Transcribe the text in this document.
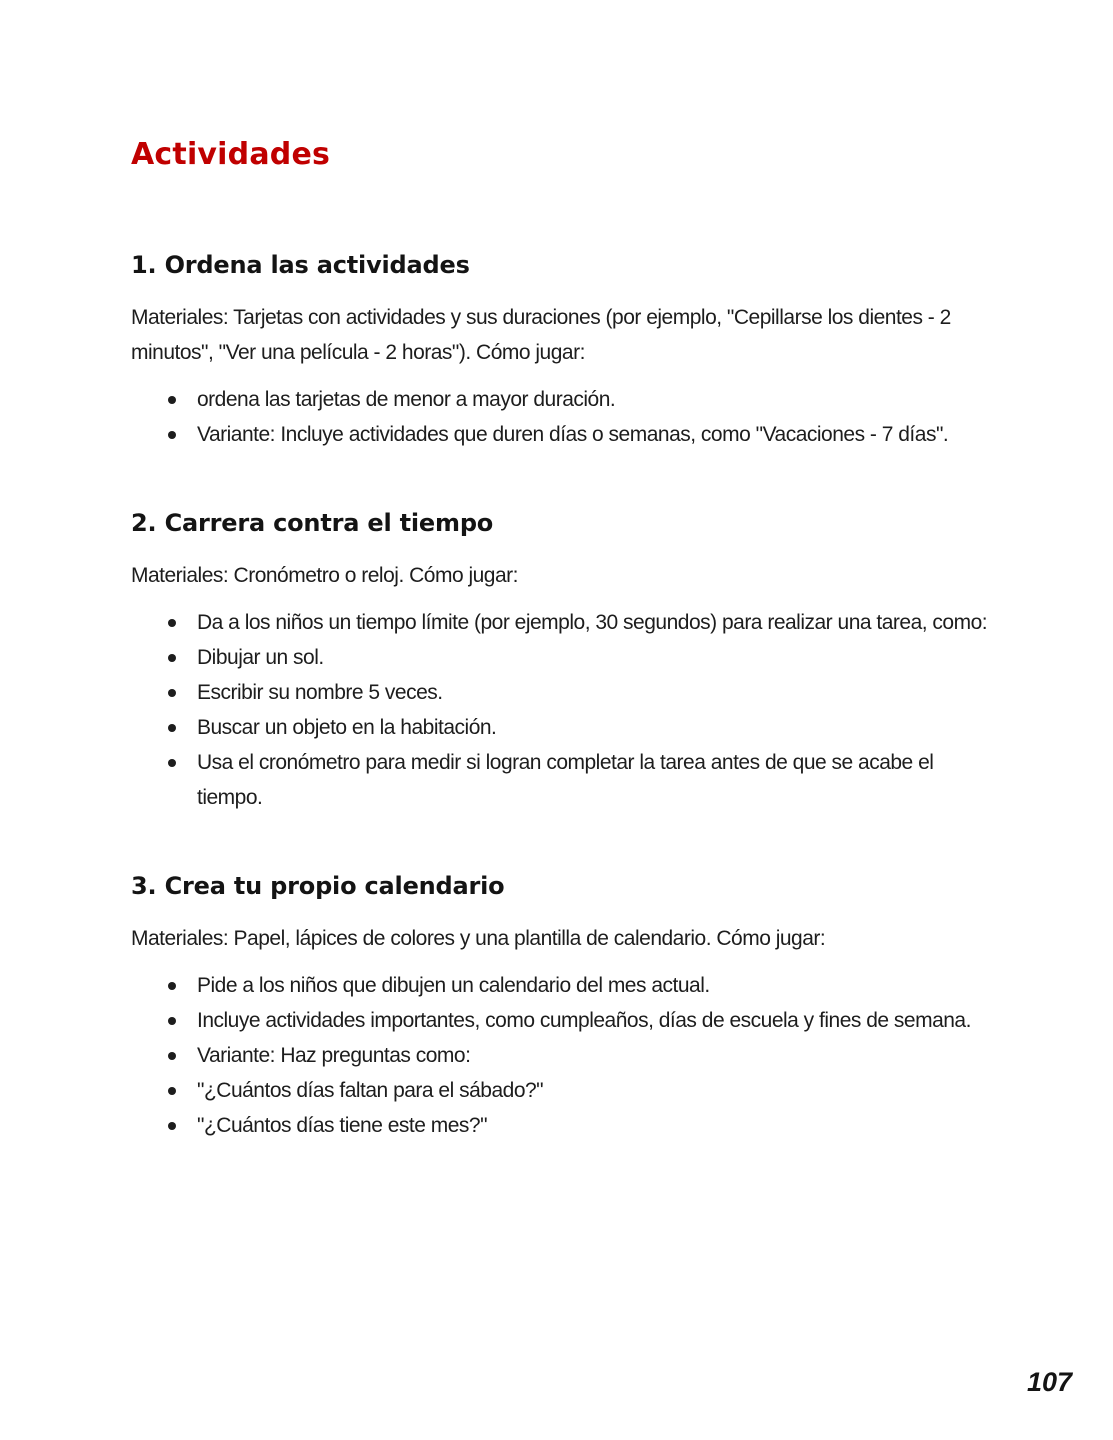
Actividades
1. Ordena las actividades

Materiales: Tarjetas con actividades y sus duraciones (por ejemplo, "Cepillarse los dientes - 2 minutos", "Ver una película - 2 horas"). Cómo jugar:

ordena las tarjetas de menor a mayor duración.
Variante: Incluye actividades que duren días o semanas, como "Vacaciones - 7 días".
2. Carrera contra el tiempo

Materiales: Cronómetro o reloj. Cómo jugar:

Da a los niños un tiempo límite (por ejemplo, 30 segundos) para realizar una tarea, como:
Dibujar un sol.
Escribir su nombre 5 veces.
Buscar un objeto en la habitación.
Usa el cronómetro para medir si logran completar la tarea antes de que se acabe el tiempo.
3. Crea tu propio calendario

Materiales: Papel, lápices de colores y una plantilla de calendario. Cómo jugar:

Pide a los niños que dibujen un calendario del mes actual.
Incluye actividades importantes, como cumpleaños, días de escuela y fines de semana.
Variante: Haz preguntas como:
"¿Cuántos días faltan para el sábado?"
"¿Cuántos días tiene este mes?"
107
